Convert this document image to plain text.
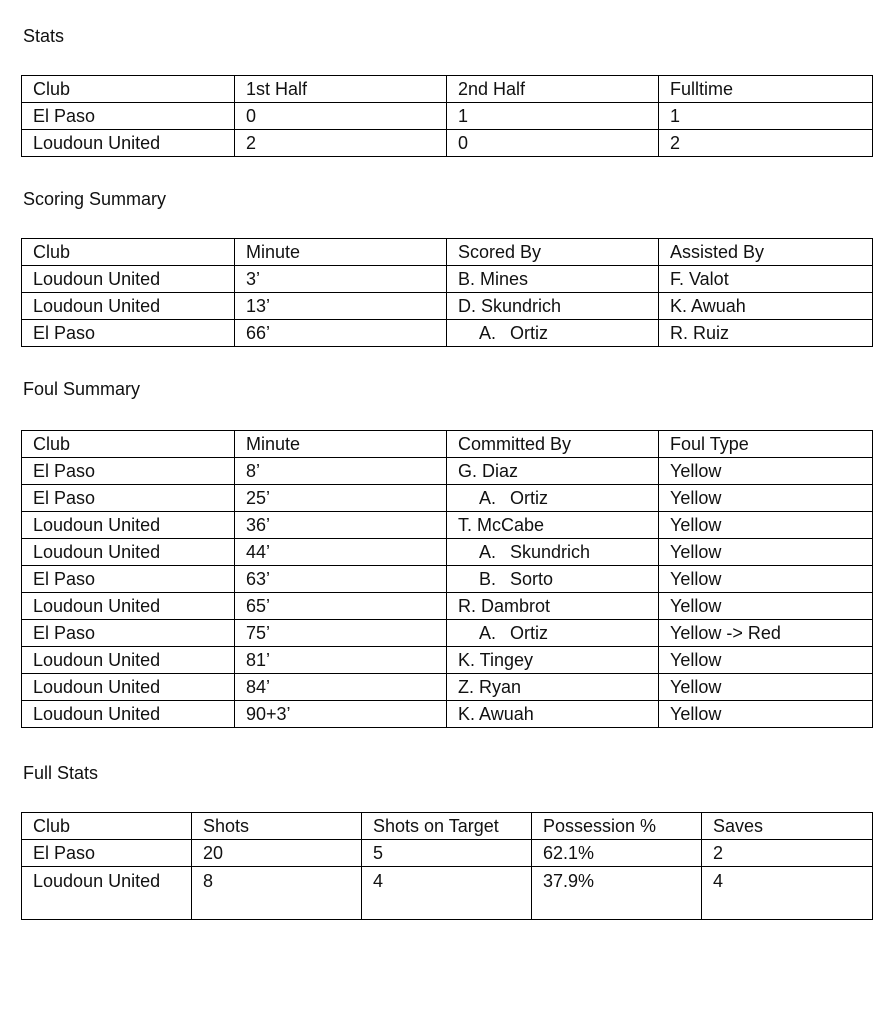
Stats
Club	1st Half	2nd Half	Fulltime
El Paso	0	1	1
Loudoun United	2	0	2
Scoring Summary
Club	Minute	Scored By	Assisted By
Loudoun United	3’	B. Mines	F. Valot
Loudoun United	13’	D. Skundrich	K. Awuah
El Paso	66’	A. Ortiz	R. Ruiz
Foul Summary
Club	Minute	Committed By	Foul Type
El Paso	8’	G. Diaz	Yellow
El Paso	25’	A. Ortiz	Yellow
Loudoun United	36’	T. McCabe	Yellow
Loudoun United	44’	A. Skundrich	Yellow
El Paso	63’	B. Sorto	Yellow
Loudoun United	65’	R. Dambrot	Yellow
El Paso	75’	A. Ortiz	Yellow -> Red
Loudoun United	81’	K. Tingey	Yellow
Loudoun United	84’	Z. Ryan	Yellow
Loudoun United	90+3’	K. Awuah	Yellow
Full Stats
Club	Shots	Shots on Target	Possession %	Saves
El Paso	20	5	62.1%	2
Loudoun United	8	4	37.9%	4
